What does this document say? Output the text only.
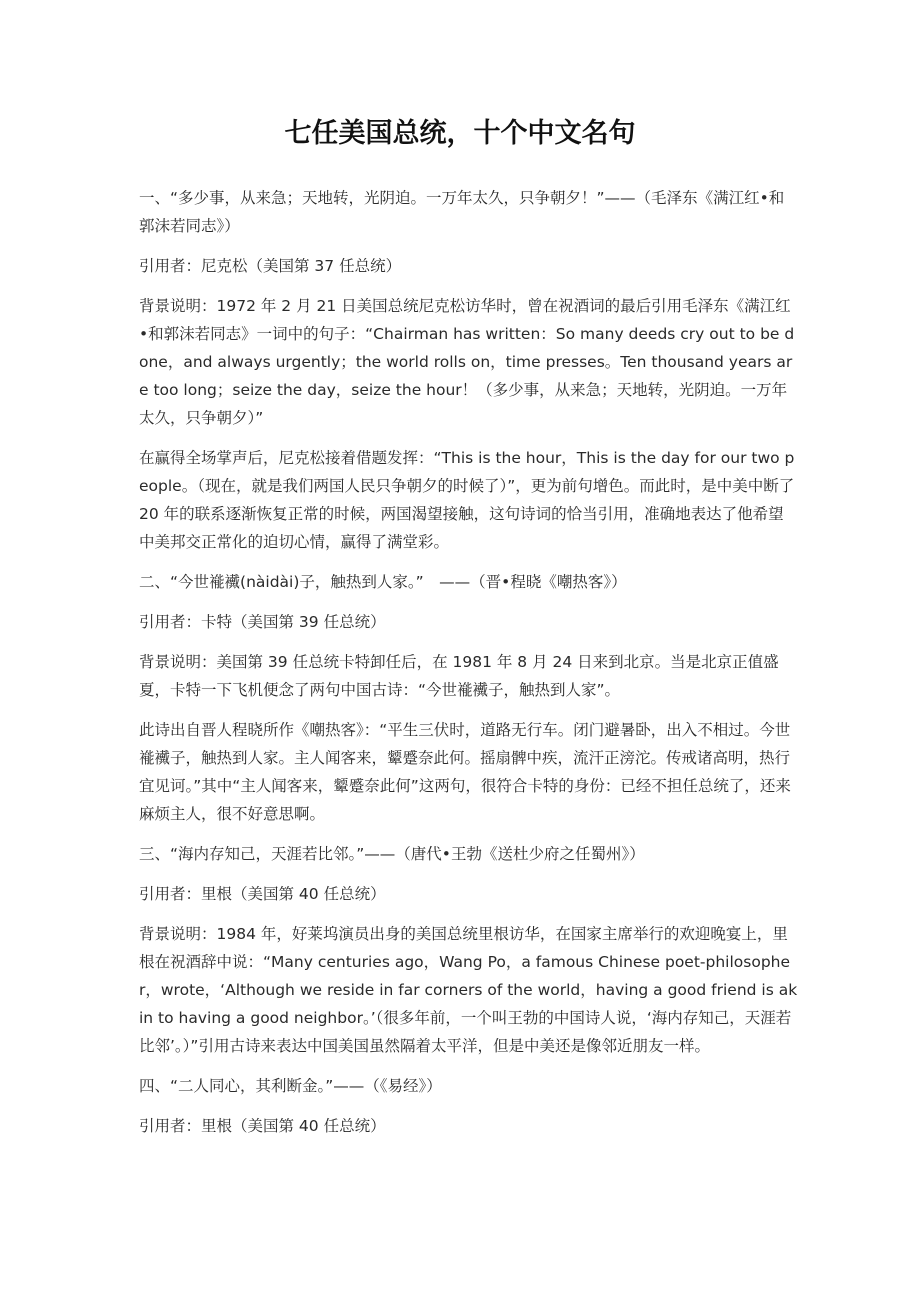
七任美国总统，十个中文名句

一、“多少事，从来急；天地转，光阴迫。一万年太久，只争朝夕！”——（毛泽东《满江红•和郭沫若同志》）

引用者：尼克松（美国第 37 任总统）

背景说明：1972 年 2 月 21 日美国总统尼克松访华时，曾在祝酒词的最后引用毛泽东《满江红•和郭沫若同志》一词中的句子：“Chairman has written：So many deeds cry out to be done，and always urgently；the world rolls on，time presses。Ten thousand years are too long；seize the day，seize the hour！（多少事，从来急；天地转，光阴迫。一万年太久，只争朝夕）”

在赢得全场掌声后，尼克松接着借题发挥：“This is the hour，This is the day for our two people。（现在，就是我们两国人民只争朝夕的时候了）”，更为前句增色。而此时，是中美中断了 20 年的联系逐渐恢复正常的时候，两国渴望接触，这句诗词的恰当引用，准确地表达了他希望中美邦交正常化的迫切心情，赢得了满堂彩。

二、“今世褦襶(nàidài)子，触热到人家。”　——（晋•程晓《嘲热客》）

引用者：卡特（美国第 39 任总统）

背景说明：美国第 39 任总统卡特卸任后，在 1981 年 8 月 24 日来到北京。当是北京正值盛夏，卡特一下飞机便念了两句中国古诗：“今世褦襶子，触热到人家”。

此诗出自晋人程晓所作《嘲热客》：“平生三伏时，道路无行车。闭门避暑卧，出入不相过。今世褦襶子，触热到人家。主人闻客来，颦蹙奈此何。摇扇髀中疾，流汗正滂沱。传戒诸高明，热行宜见诃。”其中“主人闻客来，颦蹙奈此何”这两句，很符合卡特的身份：已经不担任总统了，还来麻烦主人，很不好意思啊。

三、“海内存知己，天涯若比邻。”——（唐代•王勃《送杜少府之任蜀州》）

引用者：里根（美国第 40 任总统）

背景说明：1984 年，好莱坞演员出身的美国总统里根访华，在国家主席举行的欢迎晚宴上，里根在祝酒辞中说：“Many centuries ago，Wang Po，a famous Chinese poet-philosopher，wrote，‘Although we reside in far corners of the world，having a good friend is akin to having a good neighbor。’（很多年前，一个叫王勃的中国诗人说，‘海内存知己，天涯若比邻’。）”引用古诗来表达中国美国虽然隔着太平洋，但是中美还是像邻近朋友一样。

四、“二人同心，其利断金。”——（《易经》）

引用者：里根（美国第 40 任总统）
